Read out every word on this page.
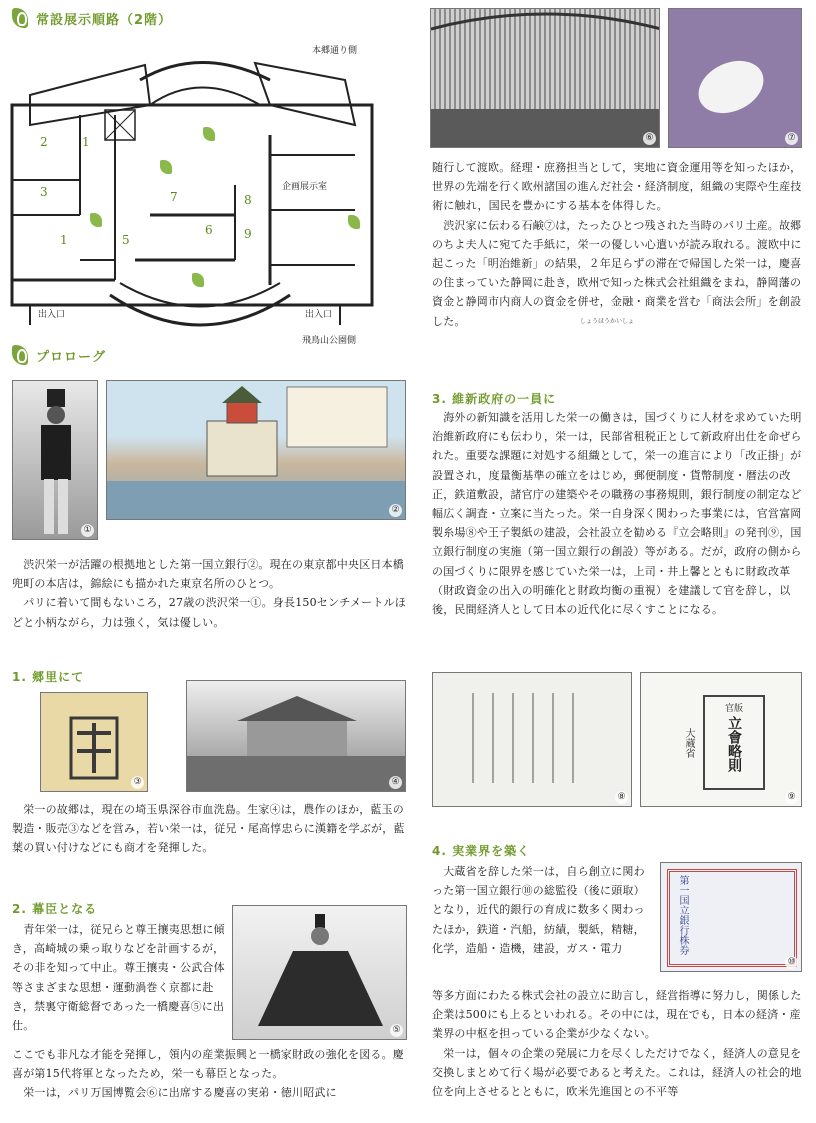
常設展示順路（2階）
本郷通り側
2	1
3
1	5
7
6
8
9
企画展示室
出入口	出入口
飛鳥山公園側
プロローグ
①
②
　渋沢栄一が活躍の根拠地とした第一国立銀行②。現在の東京都中央区日本橋兜町の本店は，錦絵にも描かれた東京名所のひとつ。
　パリに着いて間もないころ，27歳の渋沢栄一①。身長150センチメートルほどと小柄ながら，力は強く，気は優しい。
1. 郷里にて
③	④
　栄一の故郷は，現在の埼玉県深谷市血洗島。生家④は，農作のほか，藍玉の製造・販売③などを営み，若い栄一は，従兄・尾高惇忠らに漢籍を学ぶが，藍葉の買い付けなどにも商才を発揮した。
2. 幕臣となる
　青年栄一は，従兄らと尊王攘夷思想に傾き，高崎城の乗っ取りなどを計画するが，その非を知って中止。尊王攘夷・公武合体等さまざまな思想・運動渦巻く京都に赴き，禁裏守衛総督であった一橋慶喜⑤に出仕。	⑤
ここでも非凡な才能を発揮し，領内の産業振興と一橋家財政の強化を図る。慶喜が第15代将軍となったため，栄一も幕臣となった。
　栄一は，パリ万国博覧会⑥に出席する慶喜の実弟・徳川昭武に
⑥	⑦
随行して渡欧。経理・庶務担当として，実地に資金運用等を知ったほか，世界の先端を行く欧州諸国の進んだ社会・経済制度，組織の実際や生産技術に触れ，国民を豊かにする基本を体得した。
　渋沢家に伝わる石鹸⑦は，たったひとつ残された当時のパリ土産。故郷のちよ夫人に宛てた手紙に，栄一の優しい心遣いが読み取れる。渡欧中に起こった「明治維新」の結果，２年足らずの滞在で帰国した栄一は，慶喜の住まっていた静岡に赴き，欧州で知った株式会社組織をまね，静岡藩の資金と静岡市内商人の資金を併せ，金融・商業を営む「商法会所」を創設した。	しょうほうかいしょ
3. 維新政府の一員に
　海外の新知識を活用した栄一の働きは，国づくりに人材を求めていた明治維新政府にも伝わり，栄一は，民部省租税正として新政府出仕を命ぜられた。重要な課題に対処する組織として，栄一の進言により「改正掛」が設置され，度量衡基準の確立をはじめ，郵便制度・貨幣制度・暦法の改正，鉄道敷設，諸官庁の建築やその職務の事務規則，銀行制度の制定など幅広く調査・立案に当たった。栄一自身深く関わった事業には，官営富岡製糸場⑧や王子製紙の建設，会社設立を勧める『立会略則』の発刊⑨，国立銀行制度の実施（第一国立銀行の創設）等がある。だが，政府の側からの国づくりに限界を感じていた栄一は，上司・井上馨とともに財政改革（財政資金の出入の明確化と財政均衡の重視）を建議して官を辞し，以後，民間経済人として日本の近代化に尽くすことになる。
⑧
官版
立會略則
大蔵省
⑨
4. 実業界を築く
　大蔵省を辞した栄一は，自ら創立に関わった第一国立銀行⑩の総監役（後に頭取）となり，近代的銀行の育成に数多く関わったほか，鉄道・汽船，紡績，製紙，精糖，化学，造船・造機，建設，ガス・電力	第一国立銀行株券
⑩
等多方面にわたる株式会社の設立に助言し，経営指導に努力し，関係した企業は500にも上るといわれる。その中には，現在でも，日本の経済・産業界の中枢を担っている企業が少なくない。
　栄一は，個々の企業の発展に力を尽くしただけでなく，経済人の意見を交換しまとめて行く場が必要であると考えた。これは，経済人の社会的地位を向上させるとともに，欧米先進国との不平等
